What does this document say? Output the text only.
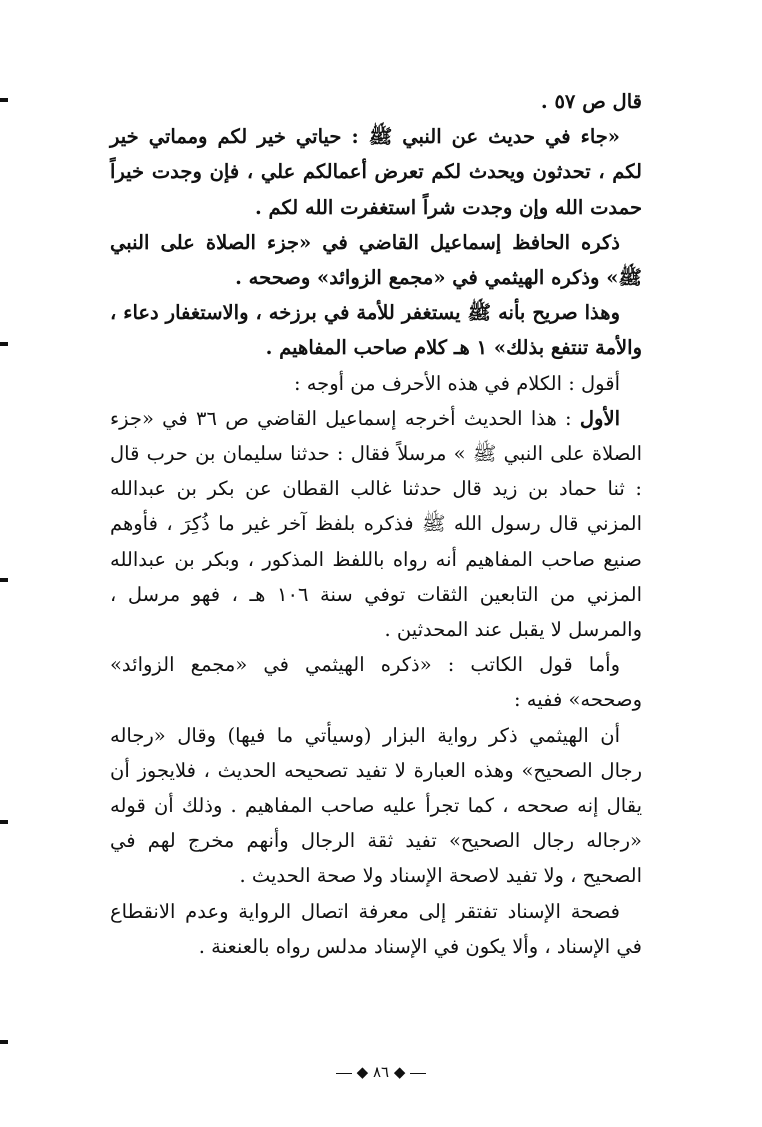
قال ص ٥٧ .

«جاء في حديث عن النبي ﷺ : حياتي خير لكم ومماتي خير لكم ، تحدثون ويحدث لكم تعرض أعمالكم علي ، فإن وجدت خيراً حمدت الله وإن وجدت شراً استغفرت الله لكم .

ذكره الحافظ إسماعيل القاضي في «جزء الصلاة على النبي ﷺ» وذكره الهيثمي في «مجمع الزوائد» وصححه .

وهذا صريح بأنه ﷺ يستغفر للأمة في برزخه ، والاستغفار دعاء ، والأمة تنتفع بذلك» ١ هـ كلام صاحب المفاهيم .

أقول : الكلام في هذه الأحرف من أوجه :

الأول : هذا الحديث أخرجه إسماعيل القاضي ص ٣٦ في «جزء الصلاة على النبي ﷺ » مرسلاً فقال : حدثنا سليمان بن حرب قال : ثنا حماد بن زيد قال حدثنا غالب القطان عن بكر بن عبدالله المزني قال رسول الله ﷺ فذكره بلفظ آخر غير ما ذُكِرَ ، فأوهم صنيع صاحب المفاهيم أنه رواه باللفظ المذكور ، وبكر بن عبدالله المزني من التابعين الثقات توفي سنة ١٠٦ هـ ، فهو مرسل ، والمرسل لا يقبل عند المحدثين .

وأما قول الكاتب : «ذكره الهيثمي في «مجمع الزوائد» وصححه» ففيه :

أن الهيثمي ذكر رواية البزار (وسيأتي ما فيها) وقال «رجاله رجال الصحيح» وهذه العبارة لا تفيد تصحيحه الحديث ، فلايجوز أن يقال إنه صححه ، كما تجرأ عليه صاحب المفاهيم . وذلك أن قوله «رجاله رجال الصحيح» تفيد ثقة الرجال وأنهم مخرج لهم في الصحيح ، ولا تفيد لاصحة الإسناد ولا صحة الحديث .

فصحة الإسناد تفتقر إلى معرفة اتصال الرواية وعدم الانقطاع في الإسناد ، وألا يكون في الإسناد مدلس رواه بالعنعنة .

◆ ٨٦ ◆
